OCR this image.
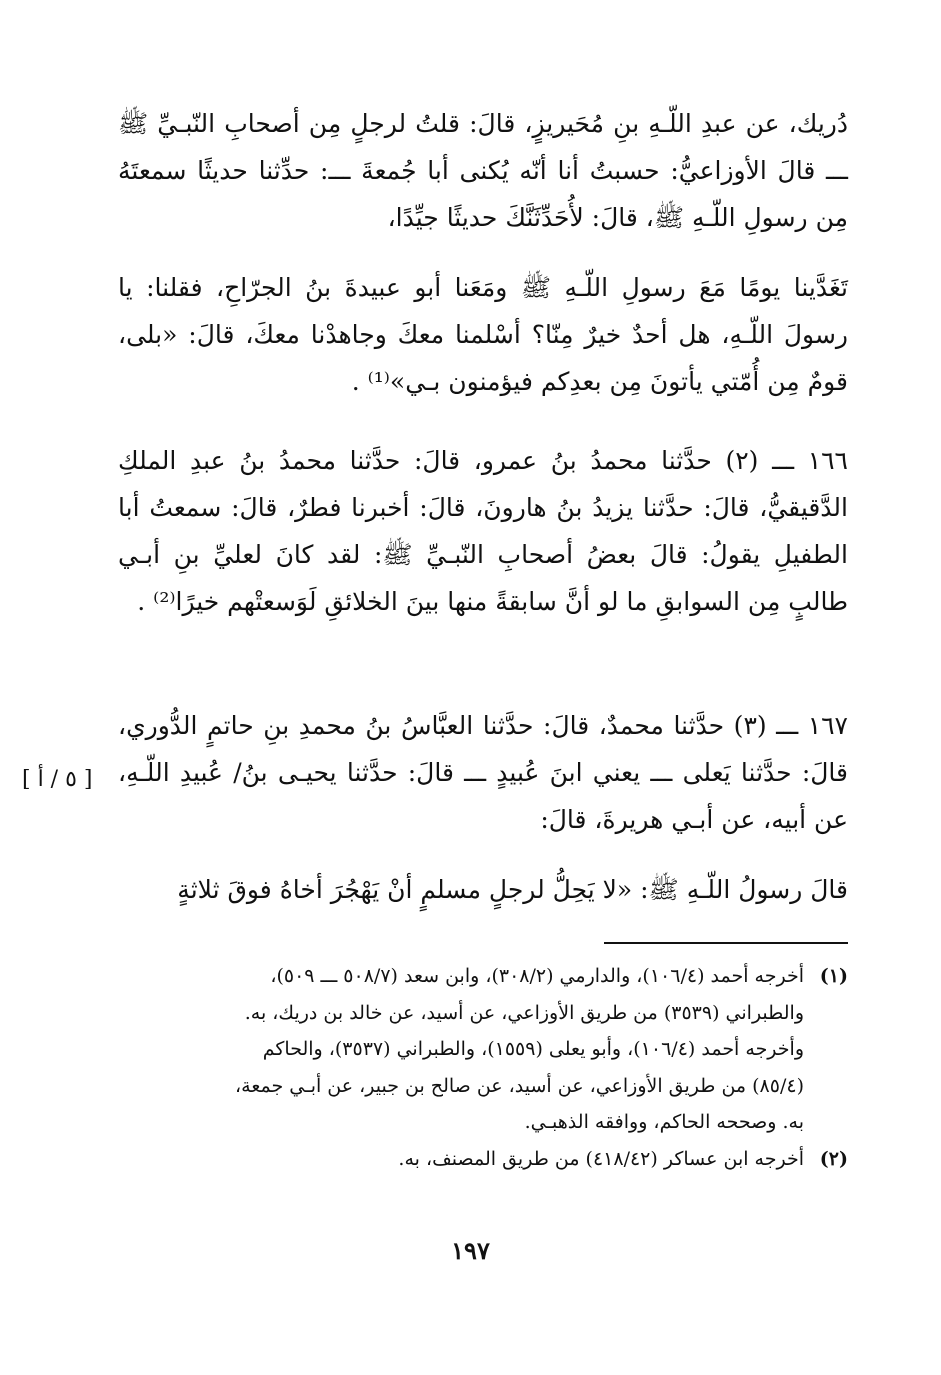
دُريك، عن عبدِ اللّـهِ بنِ مُحَيريزٍ، قالَ: قلتُ لرجلٍ مِن أصحابِ النّبـيِّ ﷺ ـــ قالَ الأوزاعيُّ: حسبتُ أنا أنّه يُكنى أبا جُمعةَ ـــ: حدِّثنا حديثًا سمعتَهُ مِن رسولِ اللّـهِ ﷺ، قالَ: لأُحَدِّثَنَّكَ حديثًا جيِّدًا،

تَغَدَّينا يومًا مَعَ رسولِ اللّـهِ ﷺ ومَعَنا أبو عبيدةَ بنُ الجرّاحِ، فقلنا: يا رسولَ اللّـهِ، هل أحدٌ خيرٌ مِنّا؟ أسْلمنا معكَ وجاهدْنا معكَ، قالَ: «بلى، قومٌ مِن أُمّتي يأتونَ مِن بعدِكم فيؤمنون بـي»⁽¹⁾ .

١٦٦ ـــ (٢) حدَّثنا محمدُ بنُ عمرو، قالَ: حدَّثنا محمدُ بنُ عبدِ الملكِ الدَّقيقيُّ، قالَ: حدَّثنا يزيدُ بنُ هارونَ، قالَ: أخبرنا فطرٌ، قالَ: سمعتُ أبا الطفيلِ يقولُ: قالَ بعضُ أصحابِ النّبـيِّ ﷺ: لقد كانَ لعليِّ بنِ أبـي طالبٍ مِن السوابقِ ما لو أنَّ سابقةً منها بينَ الخلائقِ لَوَسعتْهم خيرًا⁽²⁾ .

١٦٧ ـــ (٣) حدَّثنا محمدٌ، قالَ: حدَّثنا العبَّاسُ بنُ محمدِ بنِ حاتمٍ الدُّوري، قالَ: حدَّثنا يَعلى ـــ يعني ابنَ عُبيدٍ ـــ قالَ: حدَّثنا يحيـى بنُ/ عُبيدِ اللّـهِ، عن أبيه، عن أبـي هريرةَ، قالَ:

[ ٥ / أ ]

قالَ رسولُ اللّـهِ ﷺ: «لا يَحِلُّ لرجلٍ مسلمٍ أنْ يَهْجُرَ أخاهُ فوقَ ثلاثةٍ

(١)
أخرجه أحمد (١٠٦/٤)، والدارمي (٣٠٨/٢)، وابن سعد (٥٠٨/٧ ـــ ٥٠٩)،
والطبراني (٣٥٣٩) من طريق الأوزاعي، عن أسيد، عن خالد بن دريك، به.
وأخرجه أحمد (١٠٦/٤)، وأبو يعلى (١٥٥٩)، والطبراني (٣٥٣٧)، والحاكم
(٨٥/٤) من طريق الأوزاعي، عن أسيد، عن صالح بن جبير، عن أبـي جمعة،
به. وصححه الحاكم، ووافقه الذهبـي.
(٢)
أخرجه ابن عساكر (٤١٨/٤٢) من طريق المصنف، به.
١٩٧
